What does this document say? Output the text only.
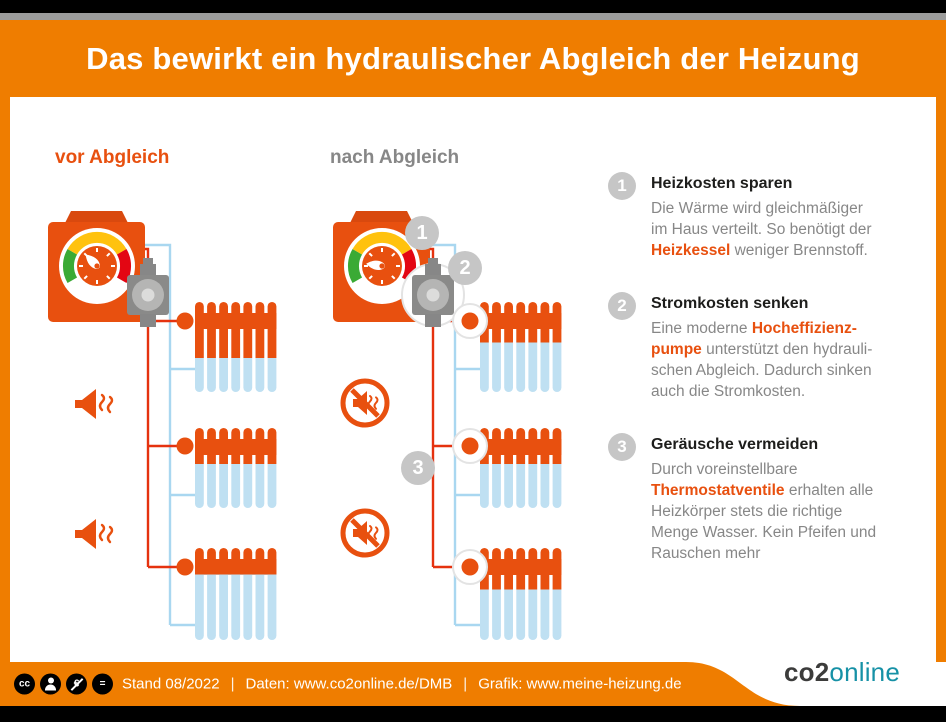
Das bewirkt ein hydraulischer Abgleich der Heizung
vor Abgleich	nach Abgleich
1
2
3
1	Heizkosten sparen
Die Wärme wird gleichmäßiger
im Haus verteilt. So benötigt der
Heizkessel weniger Brennstoff.
2	Stromkosten senken
Eine moderne Hocheffizienz-
pumpe unterstützt den hydrauli-
schen Abgleich. Dadurch sinken
auch die Stromkosten.
3	Geräusche vermeiden
Durch voreinstellbare
Thermostatventile erhalten alle
Heizkörper stets die richtige
Menge Wasser. Kein Pfeifen und
Rauschen mehr
cc	=	Stand 08/2022 | Daten: www.co2online.de/DMB | Grafik: www.meine-heizung.de	co2online
